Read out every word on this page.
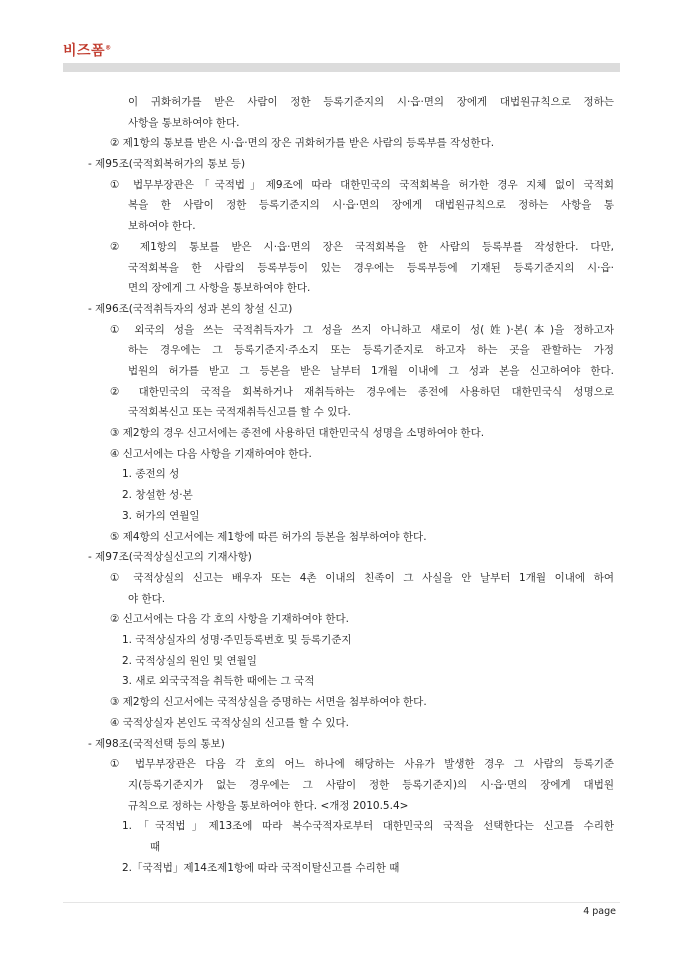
비즈폼®
이 귀화허가를 받은 사람이 정한 등록기준지의 시·읍·면의 장에게 대법원규칙으로 정하는
사항을 통보하여야 한다.
② 제1항의 통보를 받은 시·읍·면의 장은 귀화허가를 받은 사람의 등록부를 작성한다.
- 제95조(국적회복허가의 통보 등)
① 법무부장관은「국적법」제9조에 따라 대한민국의 국적회복을 허가한 경우 지체 없이 국적회
복을 한 사람이 정한 등록기준지의 시·읍·면의 장에게 대법원규칙으로 정하는 사항을 통
보하여야 한다.
② 제1항의 통보를 받은 시·읍·면의 장은 국적회복을 한 사람의 등록부를 작성한다. 다만,
국적회복을 한 사람의 등록부등이 있는 경우에는 등록부등에 기재된 등록기준지의 시·읍·
면의 장에게 그 사항을 통보하여야 한다.
- 제96조(국적취득자의 성과 본의 창설 신고)
① 외국의 성을 쓰는 국적취득자가 그 성을 쓰지 아니하고 새로이 성(姓)·본(本)을 정하고자
하는 경우에는 그 등록기준지·주소지 또는 등록기준지로 하고자 하는 곳을 관할하는 가정
법원의 허가를 받고 그 등본을 받은 날부터 1개월 이내에 그 성과 본을 신고하여야 한다.
② 대한민국의 국적을 회복하거나 재취득하는 경우에는 종전에 사용하던 대한민국식 성명으로
국적회복신고 또는 국적재취득신고를 할 수 있다.
③ 제2항의 경우 신고서에는 종전에 사용하던 대한민국식 성명을 소명하여야 한다.
④ 신고서에는 다음 사항을 기재하여야 한다.
1. 종전의 성
2. 창설한 성·본
3. 허가의 연월일
⑤ 제4항의 신고서에는 제1항에 따른 허가의 등본을 첨부하여야 한다.
- 제97조(국적상실신고의 기재사항)
① 국적상실의 신고는 배우자 또는 4촌 이내의 친족이 그 사실을 안 날부터 1개월 이내에 하여
야 한다.
② 신고서에는 다음 각 호의 사항을 기재하여야 한다.
1. 국적상실자의 성명·주민등록번호 및 등록기준지
2. 국적상실의 원인 및 연월일
3. 새로 외국국적을 취득한 때에는 그 국적
③ 제2항의 신고서에는 국적상실을 증명하는 서면을 첨부하여야 한다.
④ 국적상실자 본인도 국적상실의 신고를 할 수 있다.
- 제98조(국적선택 등의 통보)
① 법무부장관은 다음 각 호의 어느 하나에 해당하는 사유가 발생한 경우 그 사람의 등록기준
지(등록기준지가 없는 경우에는 그 사람이 정한 등록기준지)의 시·읍·면의 장에게 대법원
규칙으로 정하는 사항을 통보하여야 한다. <개정 2010.5.4>
1.「국적법」제13조에 따라 복수국적자로부터 대한민국의 국적을 선택한다는 신고를 수리한
때
2.「국적법」제14조제1항에 따라 국적이탈신고를 수리한 때
4 page
